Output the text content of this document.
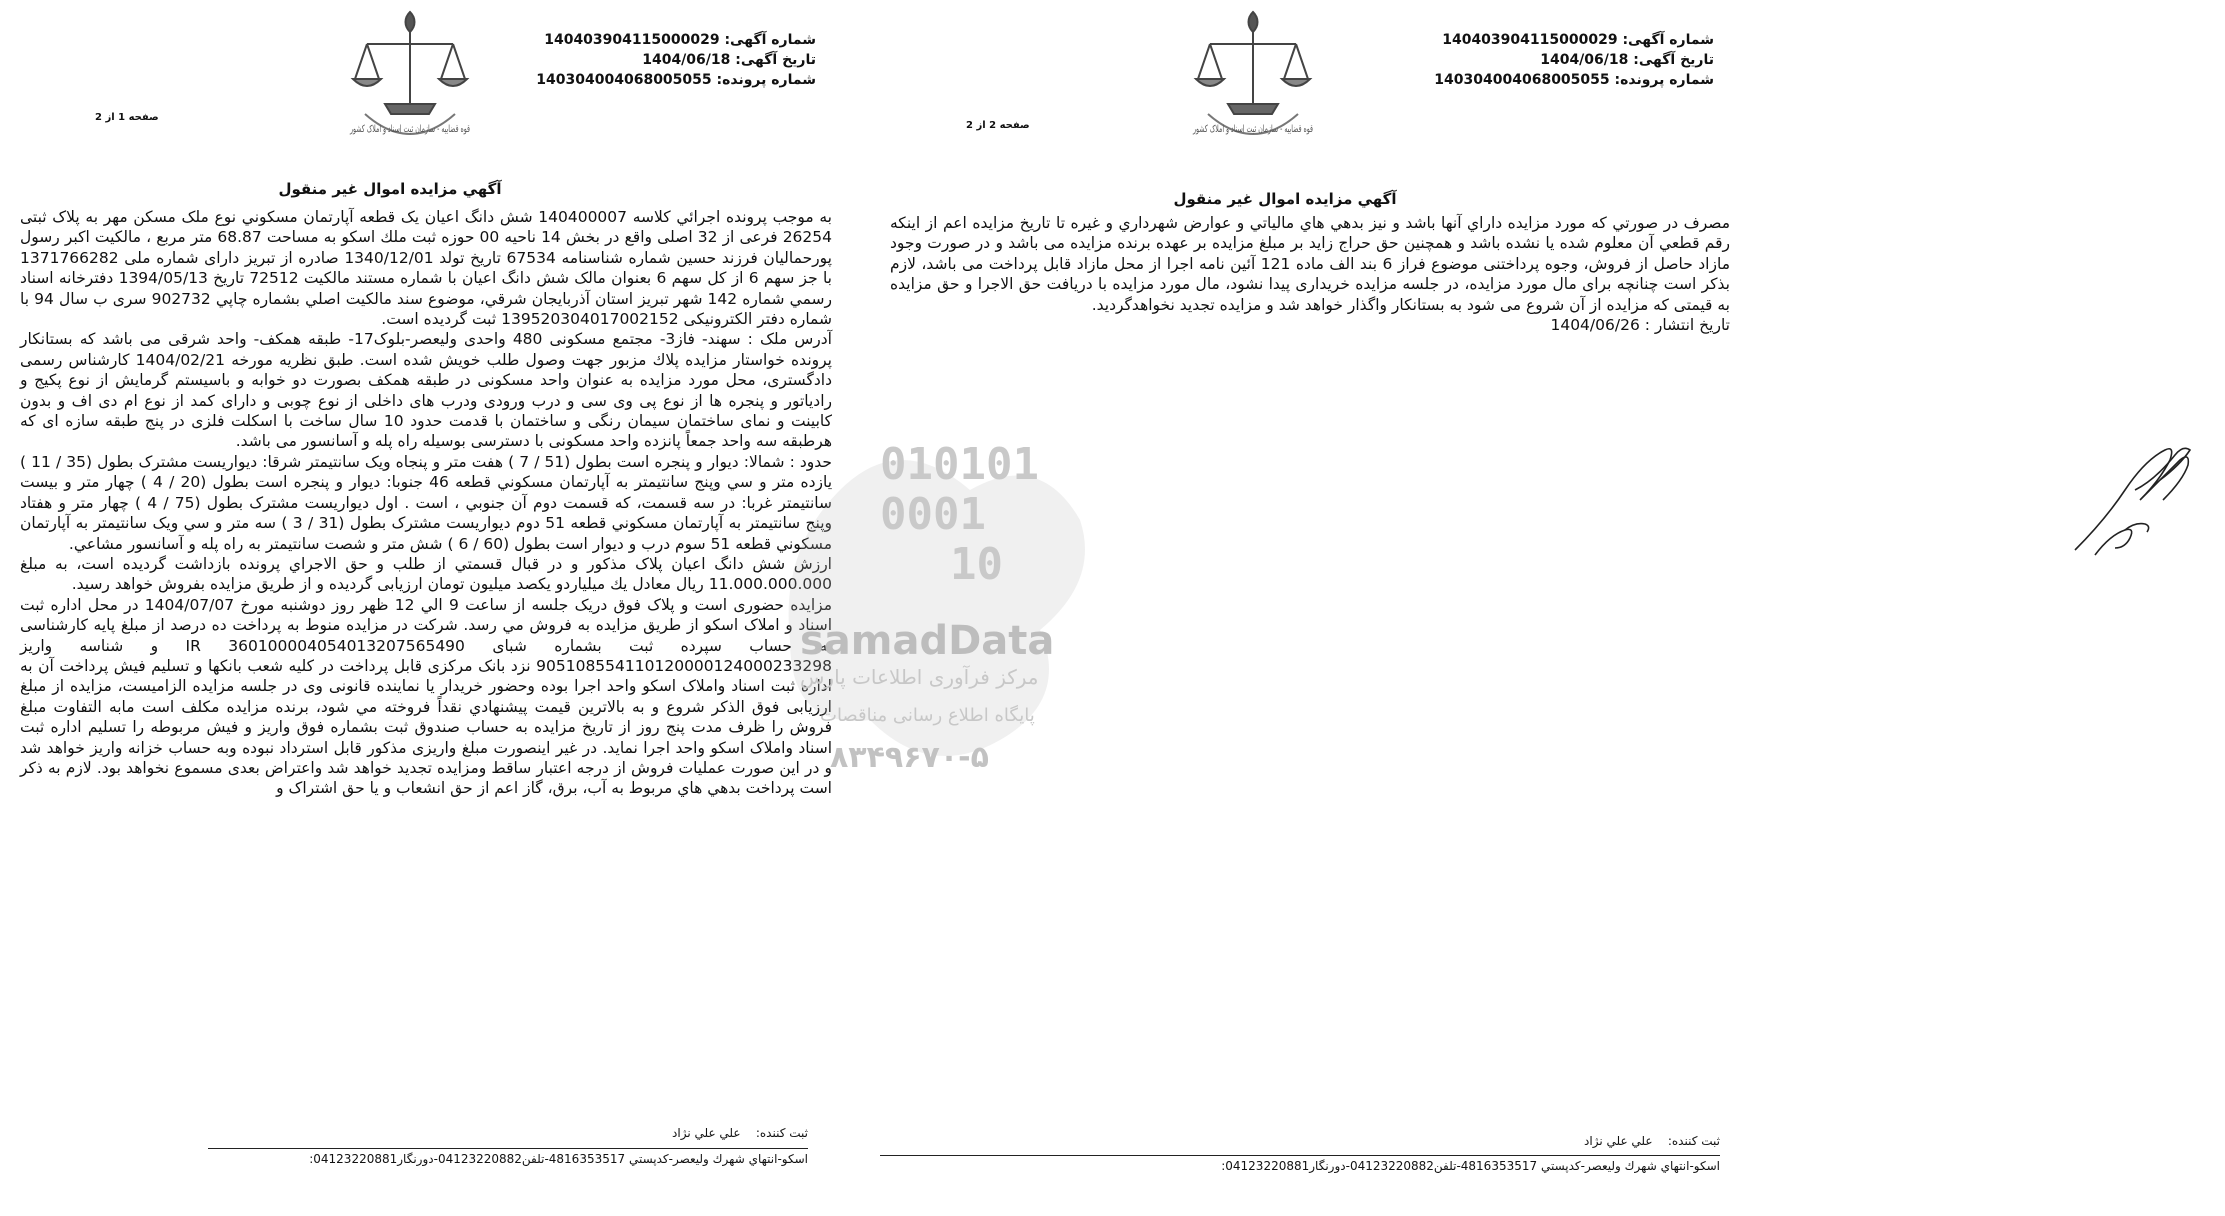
شماره آگهی: 140403904115000029
تاریخ آگهی: 1404/06/18
شماره پرونده: 140304004068005055
قوه قضاییه - سازمان ثبت اسناد و املاک کشور
صفحه 1 از 2
آگهي مزايده اموال غير منقول

به موجب پرونده اجرائي كلاسه 140400007 شش دانگ اعيان يک قطعه آپارتمان مسکوني نوع ملک مسكن مهر به پلاک ثبتی 26254 فرعی از 32 اصلی واقع در بخش 14 ناحیه 00 حوزه ثبت ملك اسكو به مساحت 68.87 متر مربع ، مالكيت اكبر رسول پورحماليان فرزند حسين شماره شناسنامه 67534 تاريخ تولد 1340/12/01 صادره از تبریز دارای شماره ملی 1371766282 با جز سهم 6 از کل سهم 6 بعنوان مالک شش دانگ اعيان با شماره مستند مالکيت 72512 تاريخ 1394/05/13 دفترخانه اسناد رسمي شماره 142 شهر تبريز استان آذربايجان شرقي، موضوع سند مالکيت اصلي بشماره چاپي 902732 سری ب سال 94 با شماره دفتر الکترونیکی 139520304017002152 ثبت گرديده است.

آدرس ملک : سهند- فاز3- مجتمع مسکونی 480 واحدی وليعصر-بلوک17- طبقه همکف- واحد شرقی می باشد که بستانكار پرونده خواستار مزايده پلاك مزبور جهت وصول طلب خويش شده است. طبق نظريه مورخه 1404/02/21 کارشناس رسمی دادگستری، محل مورد مزایده به عنوان واحد مسکونی در طبقه همکف بصورت دو خوابه و باسیستم گرمایش از نوع پکیج و رادیاتور و پنجره ها از نوع پی وی سی و درب ورودی ودرب های داخلی از نوع چوبی و دارای کمد از نوع ام دی اف و بدون کابینت و نمای ساختمان سیمان رنگی و ساختمان با قدمت حدود 10 سال ساخت با اسکلت فلزی در پنج طبقه سازه ای که هرطبقه سه واحد جمعاً پانزده واحد مسکونی با دسترسی بوسیله راه پله و آسانسور می باشد.

حدود : شمالا: ديوار و پنجره است بطول (51 / 7 ) هفت متر و پنجاه ويک سانتيمتر شرقا: ديواريست مشترک بطول (35 / 11 ) يازده متر و سي وپنج سانتيمتر به آپارتمان مسكوني قطعه 46 جنوبا: ديوار و پنجره است بطول (20 / 4 ) چهار متر و بيست سانتيمتر غربا: در سه قسمت، كه قسمت دوم آن جنوبي ، است . اول ديواريست مشترک بطول (75 / 4 ) چهار متر و هفتاد وپنج سانتيمتر به آپارتمان مسكوني قطعه 51 دوم ديواريست مشترک بطول (31 / 3 ) سه متر و سي ويک سانتيمتر به آپارتمان مسكوني قطعه 51 سوم درب و ديوار است بطول (60 / 6 ) شش متر و شصت سانتيمتر به راه پله و آسانسور مشاعي.

ارزش شش دانگ اعيان پلاک مذکور و در قبال قسمتي از طلب و حق الاجراي پرونده بازداشت گرديده است، به مبلغ 11.000.000.000 ريال معادل يك ميلياردو يكصد ميليون تومان ارزيابی گرديده و از طريق مزايده بفروش خواهد رسيد.

مزايده حضوری است و پلاک فوق دريک جلسه از ساعت 9 الي 12 ظهر روز دوشنبه مورخ 1404/07/07 در محل اداره ثبت اسناد و املاک اسکو از طريق مزايده به فروش مي رسد. شرکت در مزايده منوط به پرداخت ده درصد از مبلغ پايه کارشناسی به حساب سپرده ثبت بشماره شبای IR 360100004054013207565490 و شناسه واريز 905108554110120000124000233298 نزد بانک مرکزی قابل پرداخت در کليه شعب بانکها و تسليم فيش پرداخت آن به اداره ثبت اسناد واملاک اسکو واحد اجرا بوده وحضور خريدار يا نماينده قانونی وی در جلسه مزايده الزاميست، مزايده از مبلغ ارزيابی فوق الذکر شروع و به بالاترين قيمت پيشنهادي نقداً فروخته مي شود، برنده مزايده مكلف است مابه التفاوت مبلغ فروش را ظرف مدت پنج روز از تاريخ مزايده به حساب صندوق ثبت بشماره فوق واريز و فيش مربوطه را تسليم اداره ثبت اسناد واملاک اسکو واحد اجرا نمايد. در غير اينصورت مبلغ واريزی مذكور قابل استرداد نبوده وبه حساب خزانه واريز خواهد شد و در اين صورت عمليات فروش از درجه اعتبار ساقط ومزايده تجديد خواهد شد واعتراض بعدی مسموع نخواهد بود. لازم به ذکر است پرداخت بدهي هاي مربوط به آب، برق، گاز اعم از حق انشعاب و يا حق اشتراک و

ثبت كننده:    علي علي نژاد
اسكو-انتهاي شهرك وليعصر-كدپستي 4816353517-تلفن04123220882-دورنگار04123220881:
010101
0001
10
samadData
مرکز فرآوری اطلاعات پارس
پایگاه اطلاع رسانی مناقصات
۸۳۴۹۶۷۰-۵
شماره آگهی: 140403904115000029
تاریخ آگهی: 1404/06/18
شماره پرونده: 140304004068005055
قوه قضاییه - سازمان ثبت اسناد و املاک کشور
صفحه 2 از 2
آگهي مزايده اموال غير منقول

مصرف در صورتي كه مورد مزايده داراي آنها باشد و نيز بدهي هاي مالياتي و عوارض شهرداري و غيره تا تاريخ مزايده اعم از اينكه رقم قطعي آن معلوم شده يا نشده باشد و همچنين حق حراج زايد بر مبلغ مزايده بر عهده برنده مزايده می باشد و در صورت وجود مازاد حاصل از فروش، وجوه پرداختنی موضوع فراز 6 بند الف ماده 121 آئين نامه اجرا از محل مازاد قابل پرداخت می باشد، لازم بذکر است چنانچه برای مال مورد مزايده، در جلسه مزايده خريداری پيدا نشود، مال مورد مزايده با دريافت حق الاجرا و حق مزايده به قيمتی که مزايده از آن شروع می شود به بستانکار واگذار خواهد شد و مزايده تجديد نخواهدگرديد.

تاريخ انتشار : 1404/06/26

ثبت كننده:    علي علي نژاد
اسكو-انتهاي شهرك وليعصر-كدپستي 4816353517-تلفن04123220882-دورنگار04123220881:
